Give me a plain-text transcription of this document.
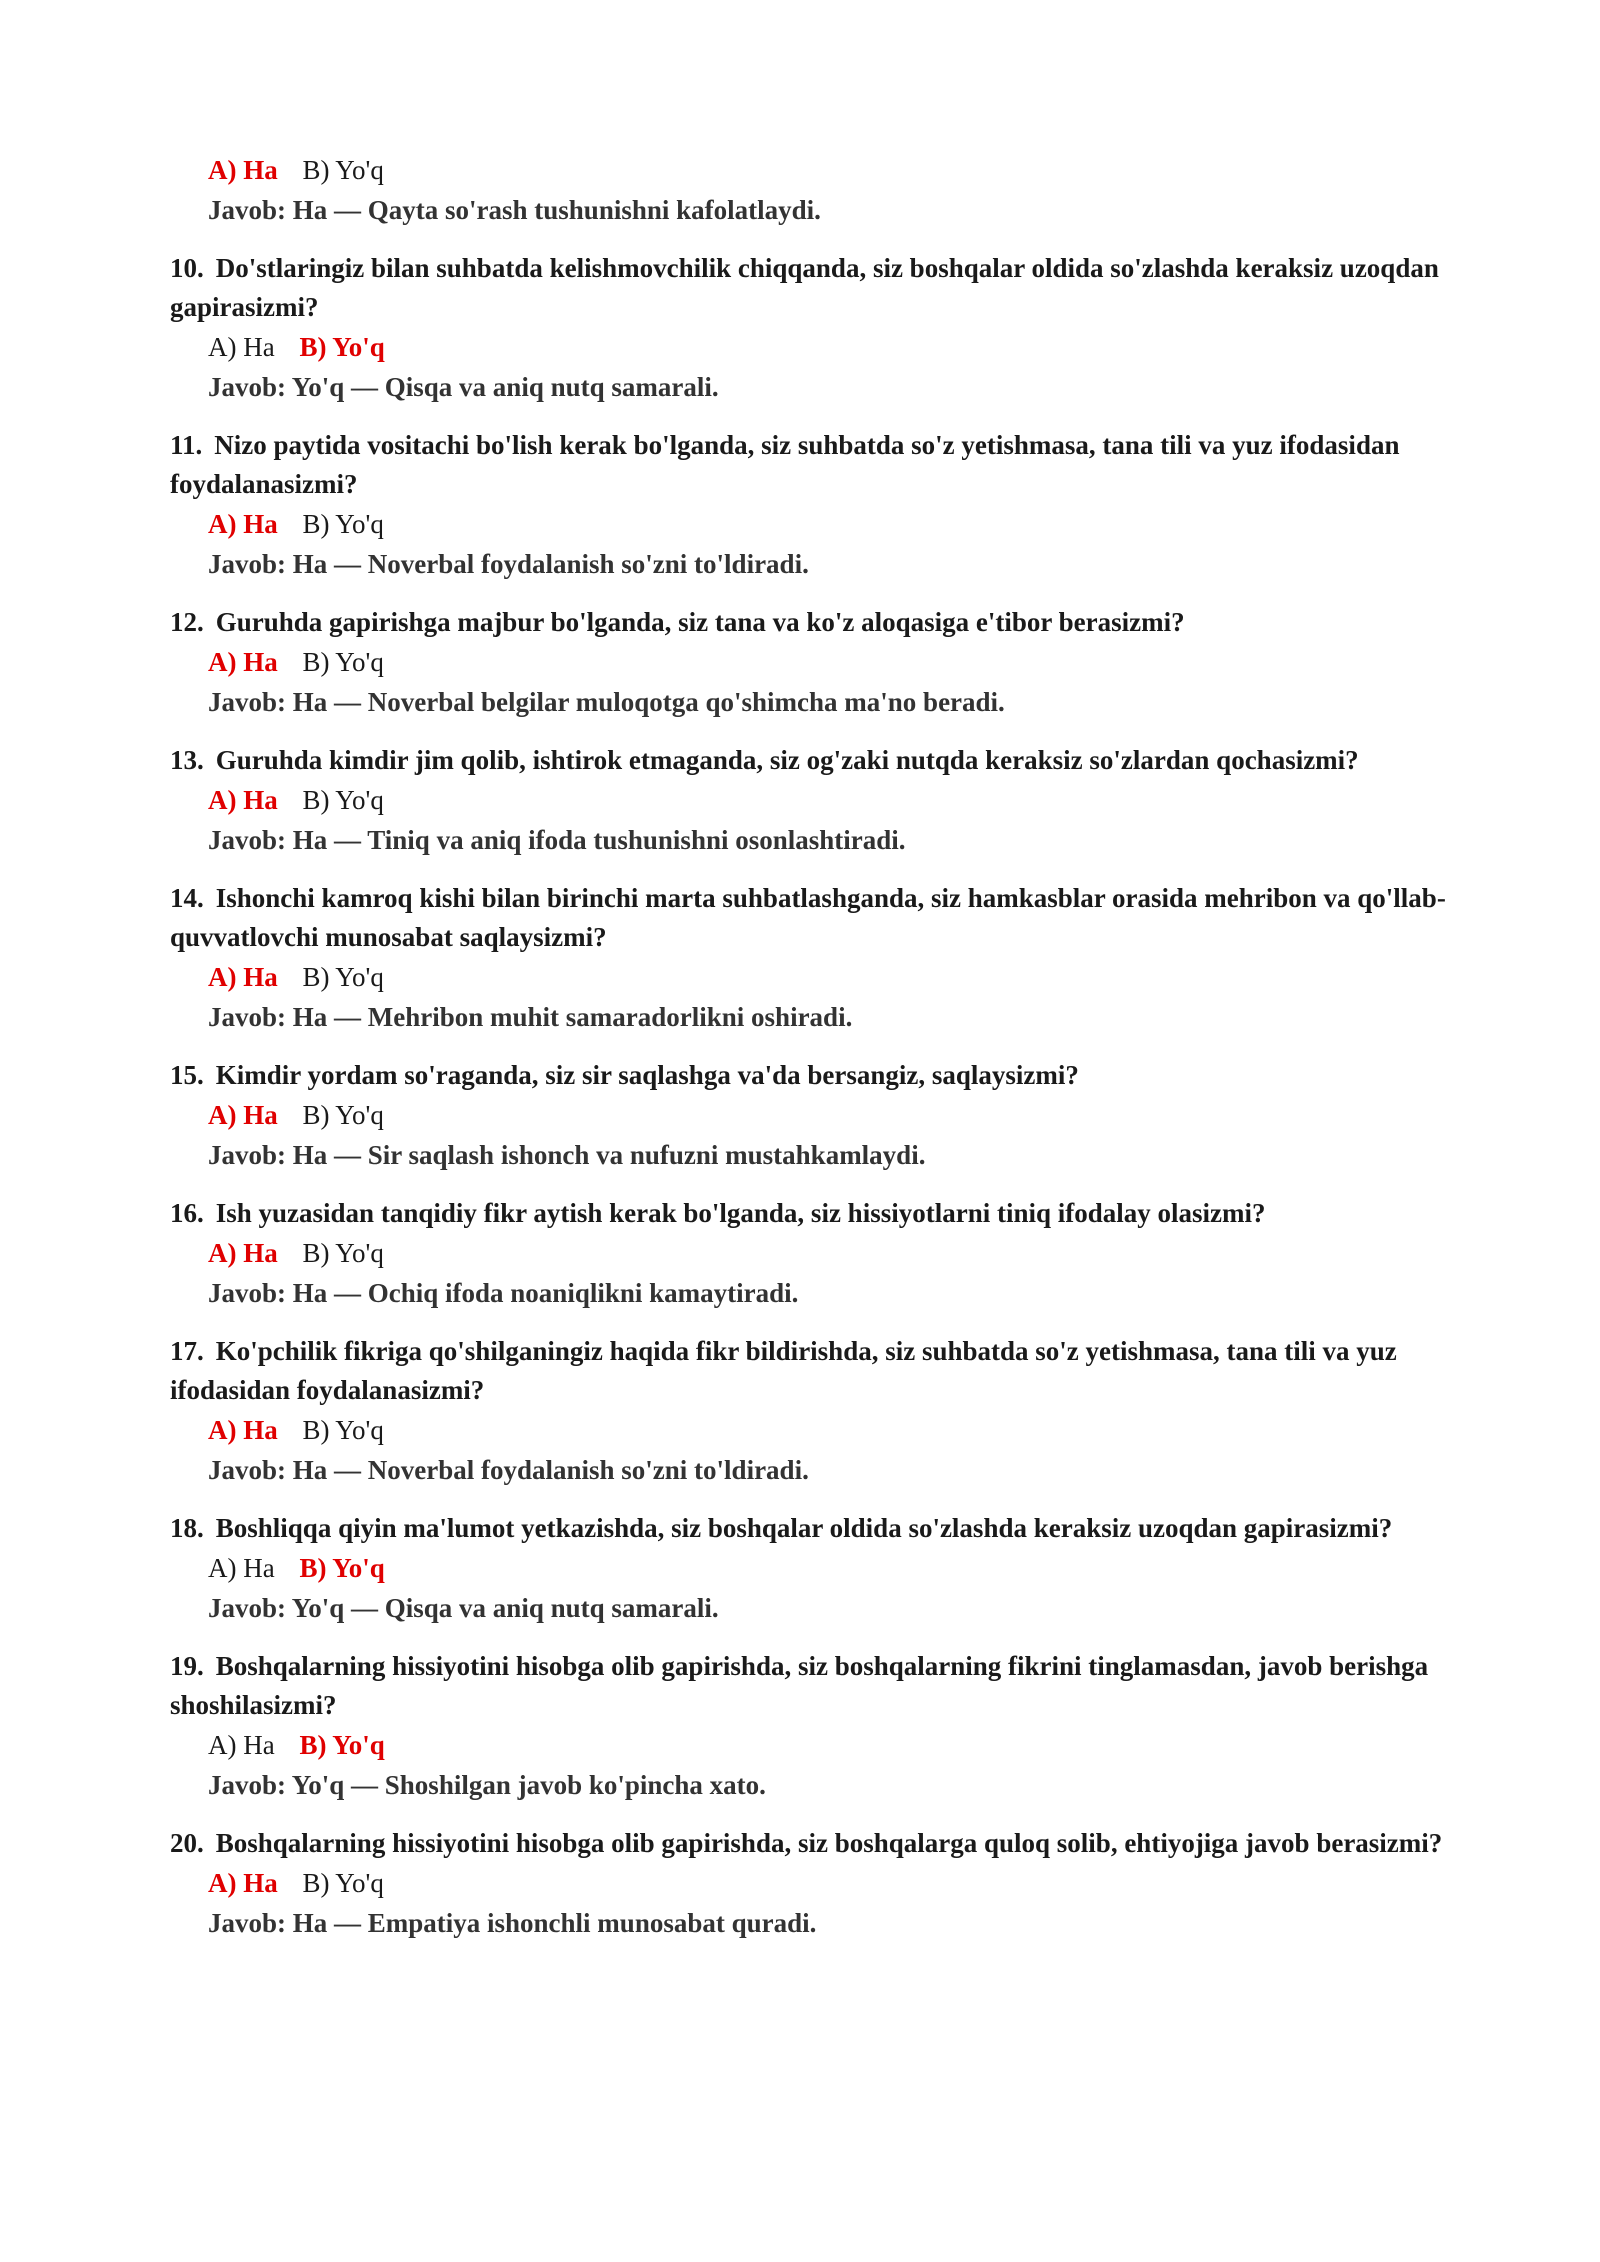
A) Ha B) Yo'q
Javob: Ha — Qayta so'rash tushunishni kafolatlaydi.
10. Do'stlaringiz bilan suhbatda kelishmovchilik chiqqanda, siz boshqalar oldida so'zlashda keraksiz uzoqdan gapirasizmi?
A) Ha B) Yo'q
Javob: Yo'q — Qisqa va aniq nutq samarali.
11. Nizo paytida vositachi bo'lish kerak bo'lganda, siz suhbatda so'z yetishmasa, tana tili va yuz ifodasidan foydalanasizmi?
A) Ha B) Yo'q
Javob: Ha — Noverbal foydalanish so'zni to'ldiradi.
12. Guruhda gapirishga majbur bo'lganda, siz tana va ko'z aloqasiga e'tibor berasizmi?
A) Ha B) Yo'q
Javob: Ha — Noverbal belgilar muloqotga qo'shimcha ma'no beradi.
13. Guruhda kimdir jim qolib, ishtirok etmaganda, siz og'zaki nutqda keraksiz so'zlardan qochasizmi?
A) Ha B) Yo'q
Javob: Ha — Tiniq va aniq ifoda tushunishni osonlashtiradi.
14. Ishonchi kamroq kishi bilan birinchi marta suhbatlashganda, siz hamkasblar orasida mehribon va qo'llab-quvvatlovchi munosabat saqlaysizmi?
A) Ha B) Yo'q
Javob: Ha — Mehribon muhit samaradorlikni oshiradi.
15. Kimdir yordam so'raganda, siz sir saqlashga va'da bersangiz, saqlaysizmi?
A) Ha B) Yo'q
Javob: Ha — Sir saqlash ishonch va nufuzni mustahkamlaydi.
16. Ish yuzasidan tanqidiy fikr aytish kerak bo'lganda, siz hissiyotlarni tiniq ifodalay olasizmi?
A) Ha B) Yo'q
Javob: Ha — Ochiq ifoda noaniqlikni kamaytiradi.
17. Ko'pchilik fikriga qo'shilganingiz haqida fikr bildirishda, siz suhbatda so'z yetishmasa, tana tili va yuz ifodasidan foydalanasizmi?
A) Ha B) Yo'q
Javob: Ha — Noverbal foydalanish so'zni to'ldiradi.
18. Boshliqqa qiyin ma'lumot yetkazishda, siz boshqalar oldida so'zlashda keraksiz uzoqdan gapirasizmi?
A) Ha B) Yo'q
Javob: Yo'q — Qisqa va aniq nutq samarali.
19. Boshqalarning hissiyotini hisobga olib gapirishda, siz boshqalarning fikrini tinglamasdan, javob berishga shoshilasizmi?
A) Ha B) Yo'q
Javob: Yo'q — Shoshilgan javob ko'pincha xato.
20. Boshqalarning hissiyotini hisobga olib gapirishda, siz boshqalarga quloq solib, ehtiyojiga javob berasizmi?
A) Ha B) Yo'q
Javob: Ha — Empatiya ishonchli munosabat quradi.
